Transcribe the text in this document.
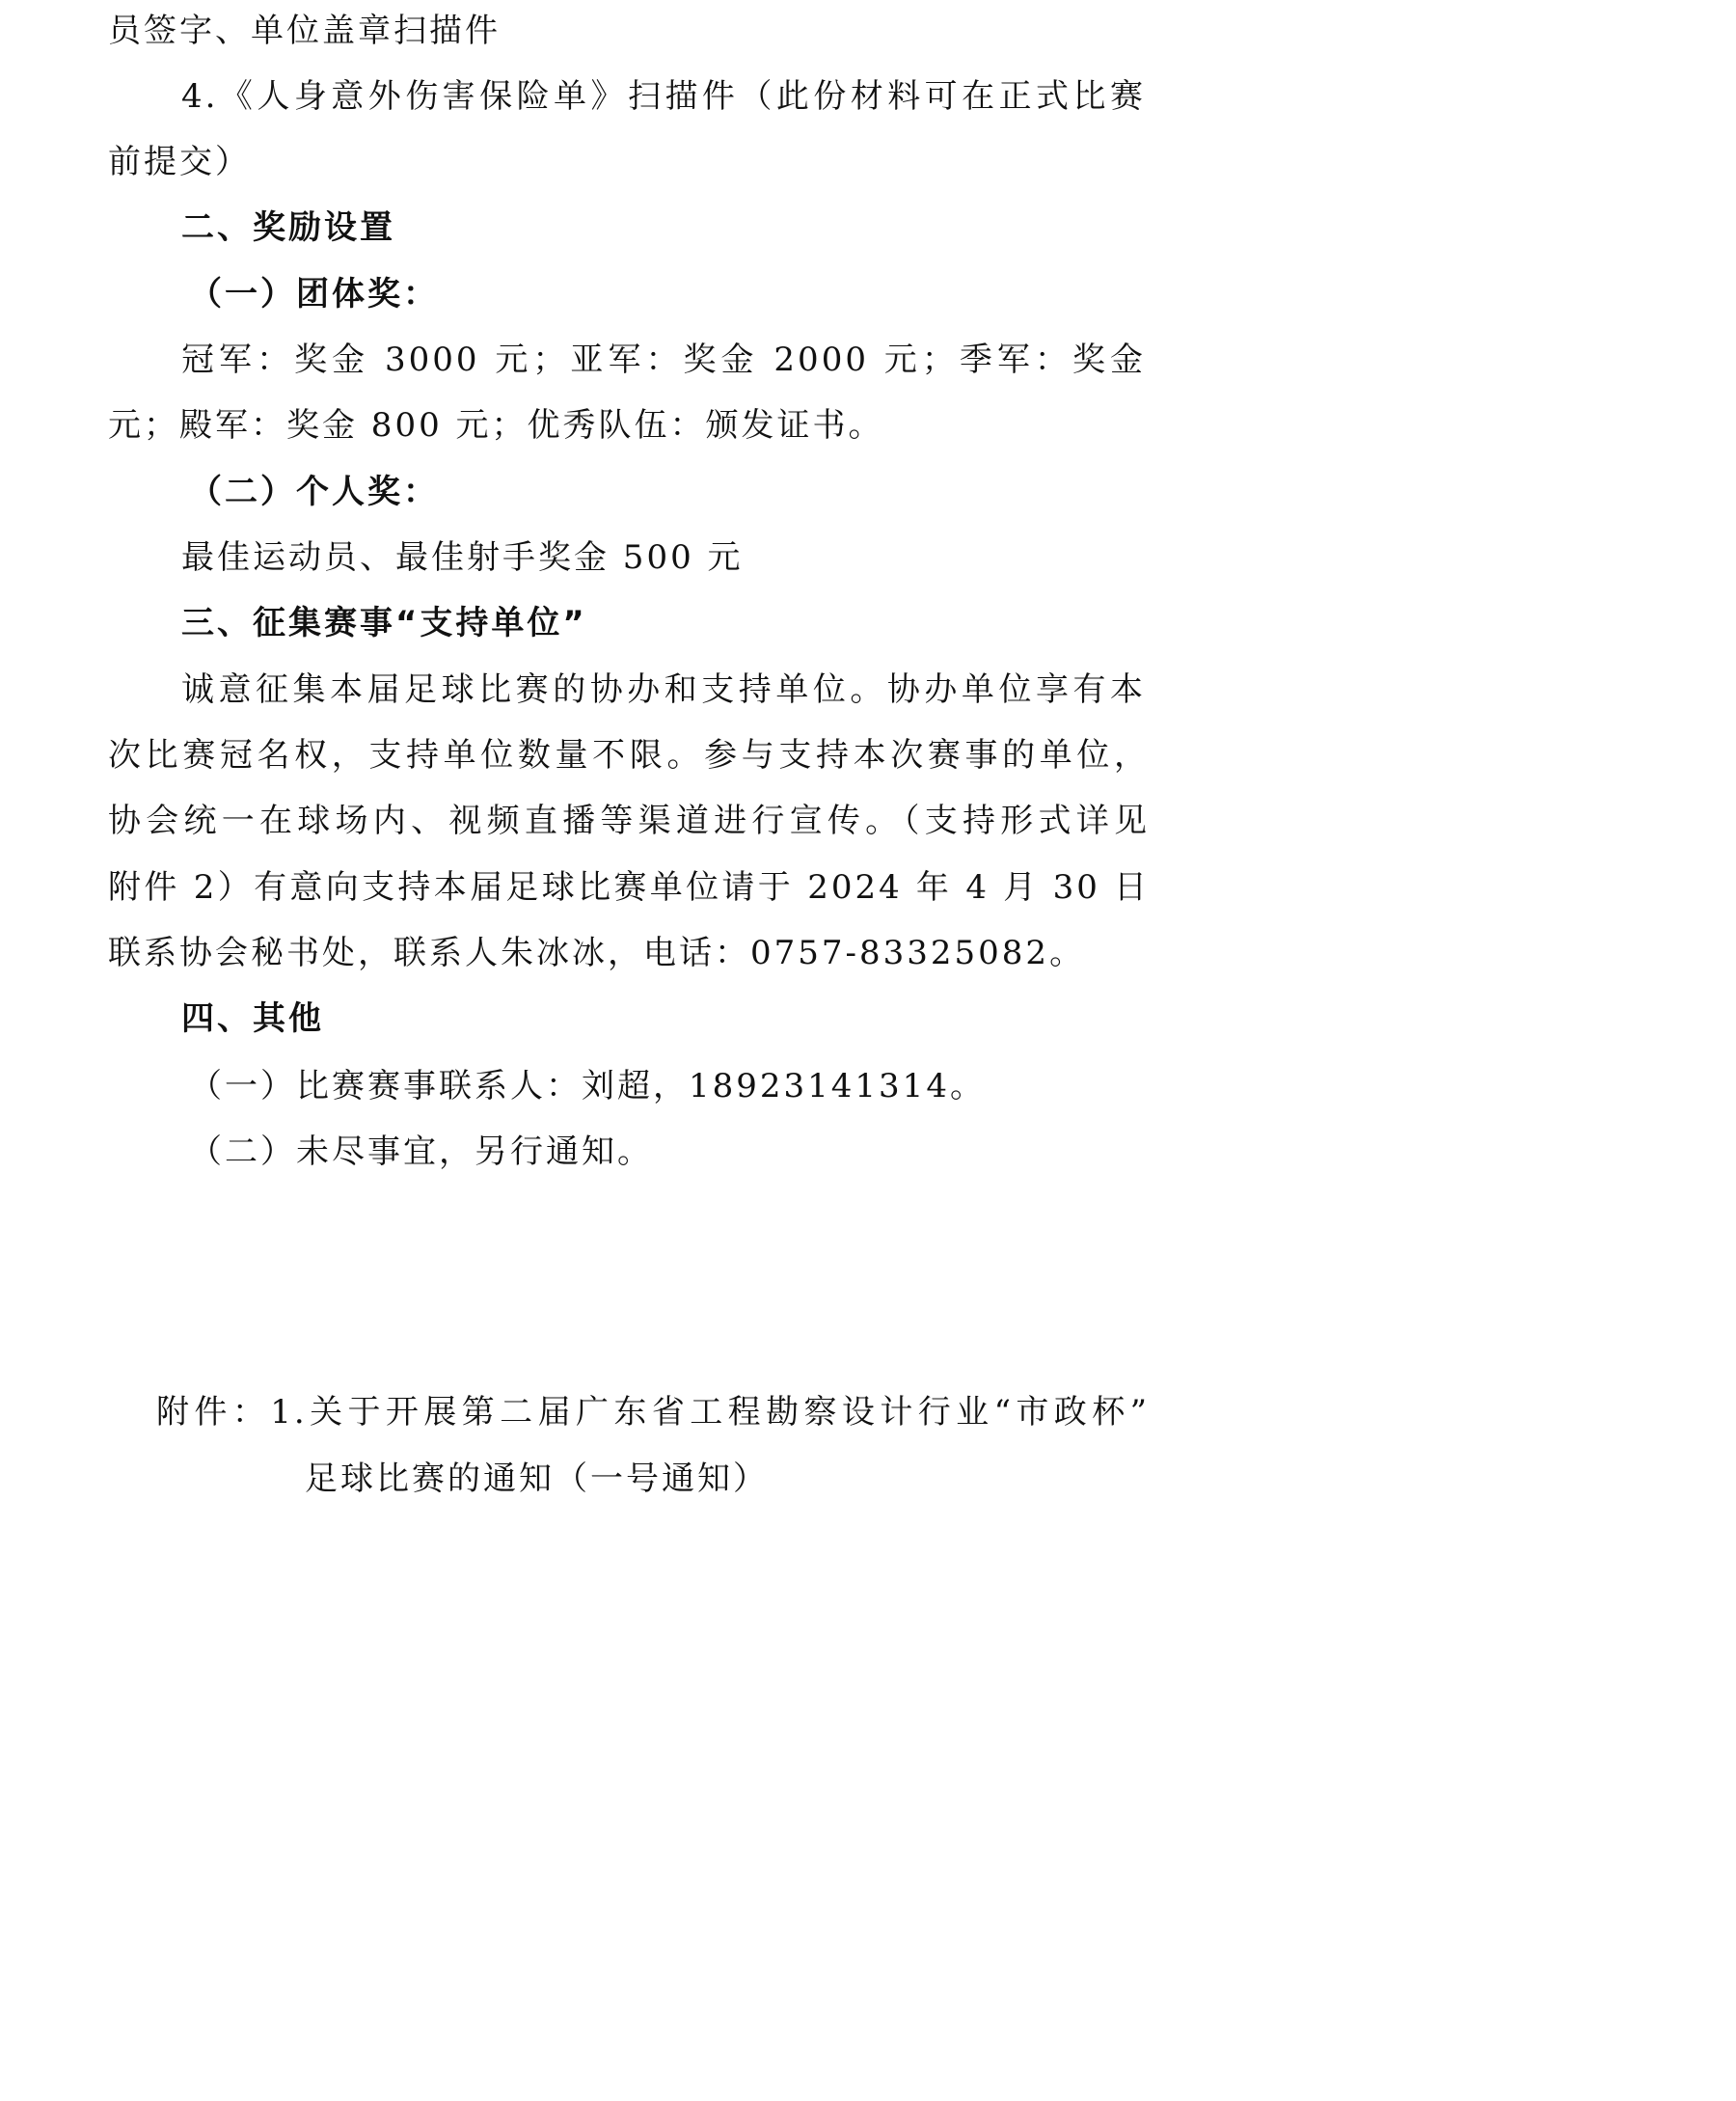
员签字、单位盖章扫描件
4.《人身意外伤害保险单》扫描件（此份材料可在正式比赛
前提交）
二、奖励设置
（一）团体奖：
冠军：奖金 3000 元；亚军：奖金 2000 元；季军：奖金
元；殿军：奖金 800 元；优秀队伍：颁发证书。
（二）个人奖：
最佳运动员、最佳射手奖金 500 元
三、征集赛事“支持单位”
诚意征集本届足球比赛的协办和支持单位。协办单位享有本
次比赛冠名权，支持单位数量不限。参与支持本次赛事的单位，
协会统一在球场内、视频直播等渠道进行宣传。（支持形式详见
附件 2）有意向支持本届足球比赛单位请于 2024 年 4 月 30 日
联系协会秘书处，联系人朱冰冰，电话：0757-83325082。
四、其他
（一）比赛赛事联系人：刘超，18923141314。
（二）未尽事宜，另行通知。
附件：1.关于开展第二届广东省工程勘察设计行业“市政杯”
足球比赛的通知（一号通知）
